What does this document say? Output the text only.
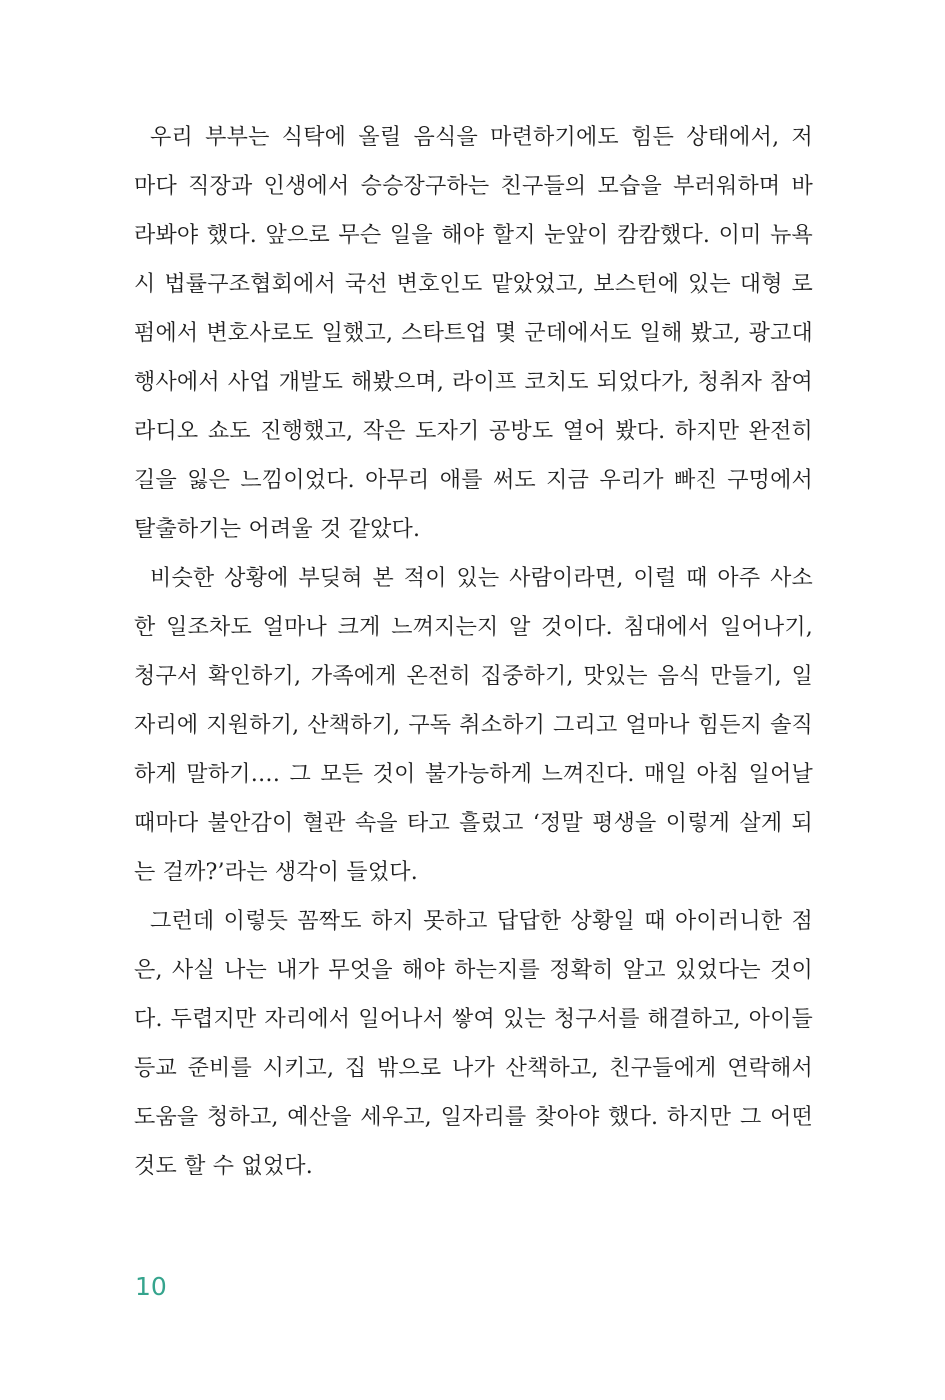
우리 부부는 식탁에 올릴 음식을 마련하기에도 힘든 상태에서, 저
마다 직장과 인생에서 승승장구하는 친구들의 모습을 부러워하며 바
라봐야 했다. 앞으로 무슨 일을 해야 할지 눈앞이 캄캄했다. 이미 뉴욕
시 법률구조협회에서 국선 변호인도 맡았었고, 보스턴에 있는 대형 로
펌에서 변호사로도 일했고, 스타트업 몇 군데에서도 일해 봤고, 광고대
행사에서 사업 개발도 해봤으며, 라이프 코치도 되었다가, 청취자 참여
라디오 쇼도 진행했고, 작은 도자기 공방도 열어 봤다. 하지만 완전히
길을 잃은 느낌이었다. 아무리 애를 써도 지금 우리가 빠진 구멍에서
탈출하기는 어려울 것 같았다.
비슷한 상황에 부딪혀 본 적이 있는 사람이라면, 이럴 때 아주 사소
한 일조차도 얼마나 크게 느껴지는지 알 것이다. 침대에서 일어나기,
청구서 확인하기, 가족에게 온전히 집중하기, 맛있는 음식 만들기, 일
자리에 지원하기, 산책하기, 구독 취소하기 그리고 얼마나 힘든지 솔직
하게 말하기…. 그 모든 것이 불가능하게 느껴진다. 매일 아침 일어날
때마다 불안감이 혈관 속을 타고 흘렀고 ‘정말 평생을 이렇게 살게 되
는 걸까?’라는 생각이 들었다.
그런데 이렇듯 꼼짝도 하지 못하고 답답한 상황일 때 아이러니한 점
은, 사실 나는 내가 무엇을 해야 하는지를 정확히 알고 있었다는 것이
다. 두렵지만 자리에서 일어나서 쌓여 있는 청구서를 해결하고, 아이들
등교 준비를 시키고, 집 밖으로 나가 산책하고, 친구들에게 연락해서
도움을 청하고, 예산을 세우고, 일자리를 찾아야 했다. 하지만 그 어떤
것도 할 수 없었다.
10
